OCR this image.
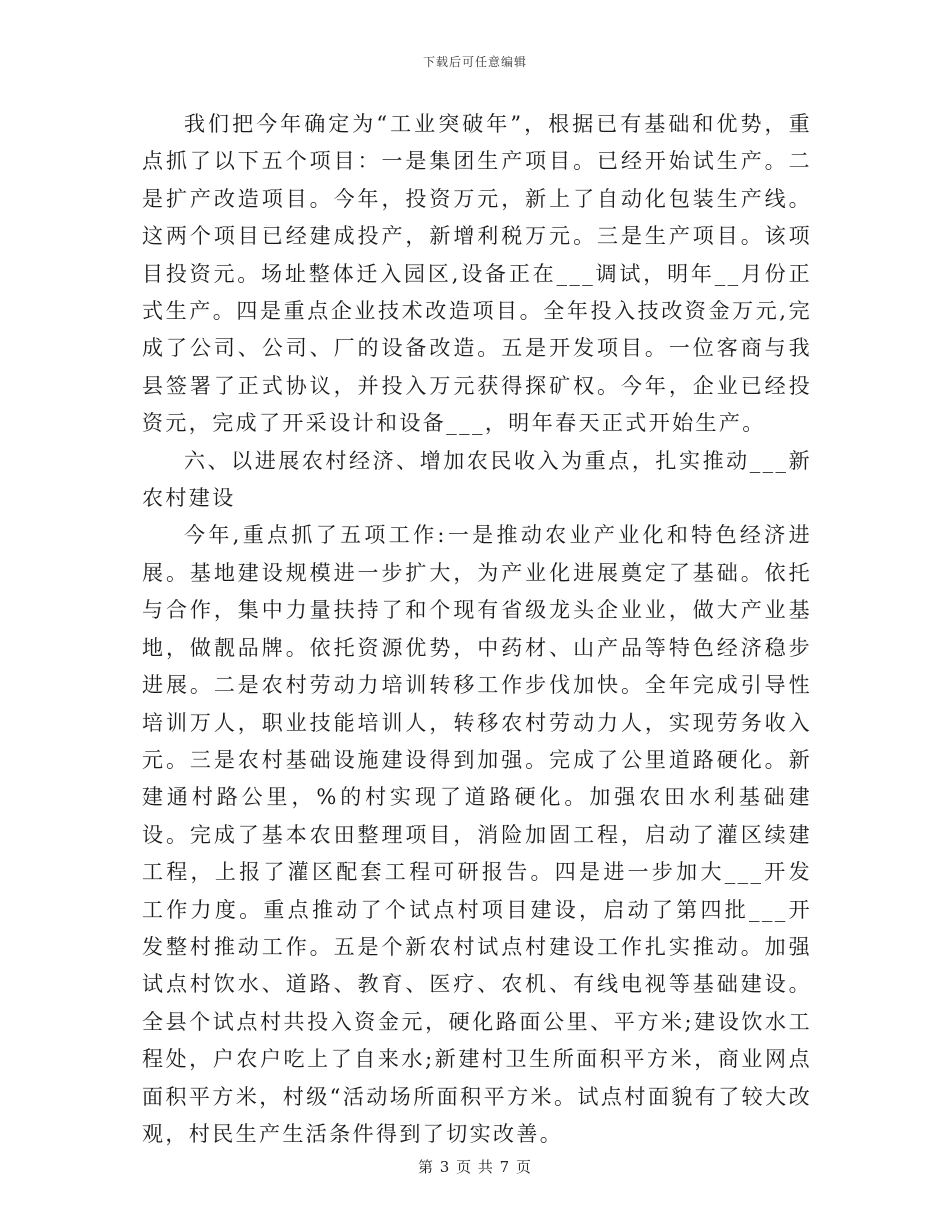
下载后可任意编辑

我们把今年确定为“工业突破年”，根据已有基础和优势，重点抓了以下五个项目：一是集团生产项目。已经开始试生产。二是扩产改造项目。今年，投资万元，新上了自动化包装生产线。这两个项目已经建成投产，新增利税万元。三是生产项目。该项目投资元。场址整体迁入园区,设备正在___调试，明年__月份正式生产。四是重点企业技术改造项目。全年投入技改资金万元,完成了公司、公司、厂的设备改造。五是开发项目。一位客商与我县签署了正式协议，并投入万元获得探矿权。今年，企业已经投资元，完成了开采设计和设备___，明年春天正式开始生产。

六、以进展农村经济、增加农民收入为重点，扎实推动___新农村建设

今年,重点抓了五项工作:一是推动农业产业化和特色经济进展。基地建设规模进一步扩大，为产业化进展奠定了基础。依托与合作，集中力量扶持了和个现有省级龙头企业业，做大产业基地，做靓品牌。依托资源优势，中药材、山产品等特色经济稳步进展。二是农村劳动力培训转移工作步伐加快。全年完成引导性培训万人，职业技能培训人，转移农村劳动力人，实现劳务收入元。三是农村基础设施建设得到加强。完成了公里道路硬化。新建通村路公里，%的村实现了道路硬化。加强农田水利基础建设。完成了基本农田整理项目，消险加固工程，启动了灌区续建工程，上报了灌区配套工程可研报告。四是进一步加大___开发工作力度。重点推动了个试点村项目建设，启动了第四批___开发整村推动工作。五是个新农村试点村建设工作扎实推动。加强试点村饮水、道路、教育、医疗、农机、有线电视等基础建设。全县个试点村共投入资金元，硬化路面公里、平方米;建设饮水工程处，户农户吃上了自来水;新建村卫生所面积平方米，商业网点面积平方米，村级“活动场所面积平方米。试点村面貌有了较大改观，村民生产生活条件得到了切实改善。

第 3 页 共 7 页
